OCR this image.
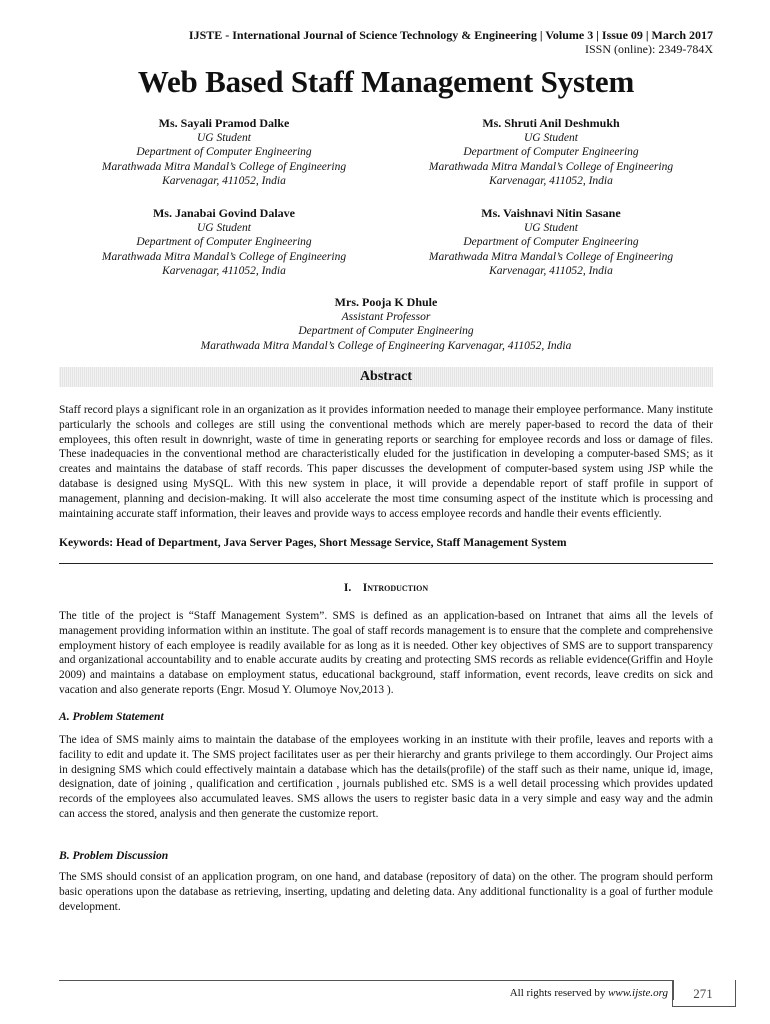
IJSTE - International Journal of Science Technology & Engineering | Volume 3 | Issue 09 | March 2017
ISSN (online): 2349-784X
Web Based Staff Management System
Ms. Sayali Pramod Dalke
UG Student
Department of Computer Engineering
Marathwada Mitra Mandal’s College of Engineering
Karvenagar, 411052, India
Ms. Shruti Anil Deshmukh
UG Student
Department of Computer Engineering
Marathwada Mitra Mandal’s College of Engineering
Karvenagar, 411052, India
Ms. Janabai Govind Dalave
UG Student
Department of Computer Engineering
Marathwada Mitra Mandal’s College of Engineering
Karvenagar, 411052, India
Ms. Vaishnavi Nitin Sasane
UG Student
Department of Computer Engineering
Marathwada Mitra Mandal’s College of Engineering
Karvenagar, 411052, India
Mrs. Pooja K Dhule
Assistant Professor
Department of Computer Engineering
Marathwada Mitra Mandal’s College of Engineering Karvenagar, 411052, India
Abstract
Staff record plays a significant role in an organization as it provides information needed to manage their employee performance. Many institute particularly the schools and colleges are still using the conventional methods which are merely paper-based to record the data of their employees, this often result in downright, waste of time in generating reports or searching for employee records and loss or damage of files. These inadequacies in the conventional method are characteristically eluded for the justification in developing a computer-based SMS; as it creates and maintains the database of staff records. This paper discusses the development of computer-based system using JSP while the database is designed using MySQL. With this new system in place, it will provide a dependable report of staff profile in support of management, planning and decision-making. It will also accelerate the most time consuming aspect of the institute which is processing and maintaining accurate staff information, their leaves and provide ways to access employee records and handle their events efficiently.
Keywords: Head of Department, Java Server Pages, Short Message Service, Staff Management System
I. Introduction
The title of the project is “Staff Management System”. SMS is defined as an application-based on Intranet that aims all the levels of management providing information within an institute. The goal of staff records management is to ensure that the complete and comprehensive employment history of each employee is readily available for as long as it is needed. Other key objectives of SMS are to support transparency and organizational accountability and to enable accurate audits by creating and protecting SMS records as reliable evidence(Griffin and Hoyle 2009) and maintains a database on employment status, educational background, staff information, event records, leave credits on sick and vacation and also generate reports (Engr. Mosud Y. Olumoye Nov,2013 ).
A. Problem Statement
The idea of SMS mainly aims to maintain the database of the employees working in an institute with their profile, leaves and reports with a facility to edit and update it. The SMS project facilitates user as per their hierarchy and grants privilege to them accordingly. Our Project aims in designing SMS which could effectively maintain a database which has the details(profile) of the staff such as their name, unique id, image, designation, date of joining , qualification and certification , journals published etc. SMS is a well detail processing which provides updated records of the employees also accumulated leaves. SMS allows the users to register basic data in a very simple and easy way and the admin can access the stored, analysis and then generate the customize report.
B. Problem Discussion
The SMS should consist of an application program, on one hand, and database (repository of data) on the other. The program should perform basic operations upon the database as retrieving, inserting, updating and deleting data. Any additional functionality is a goal of further module development.
All rights reserved by www.ijste.org	271
